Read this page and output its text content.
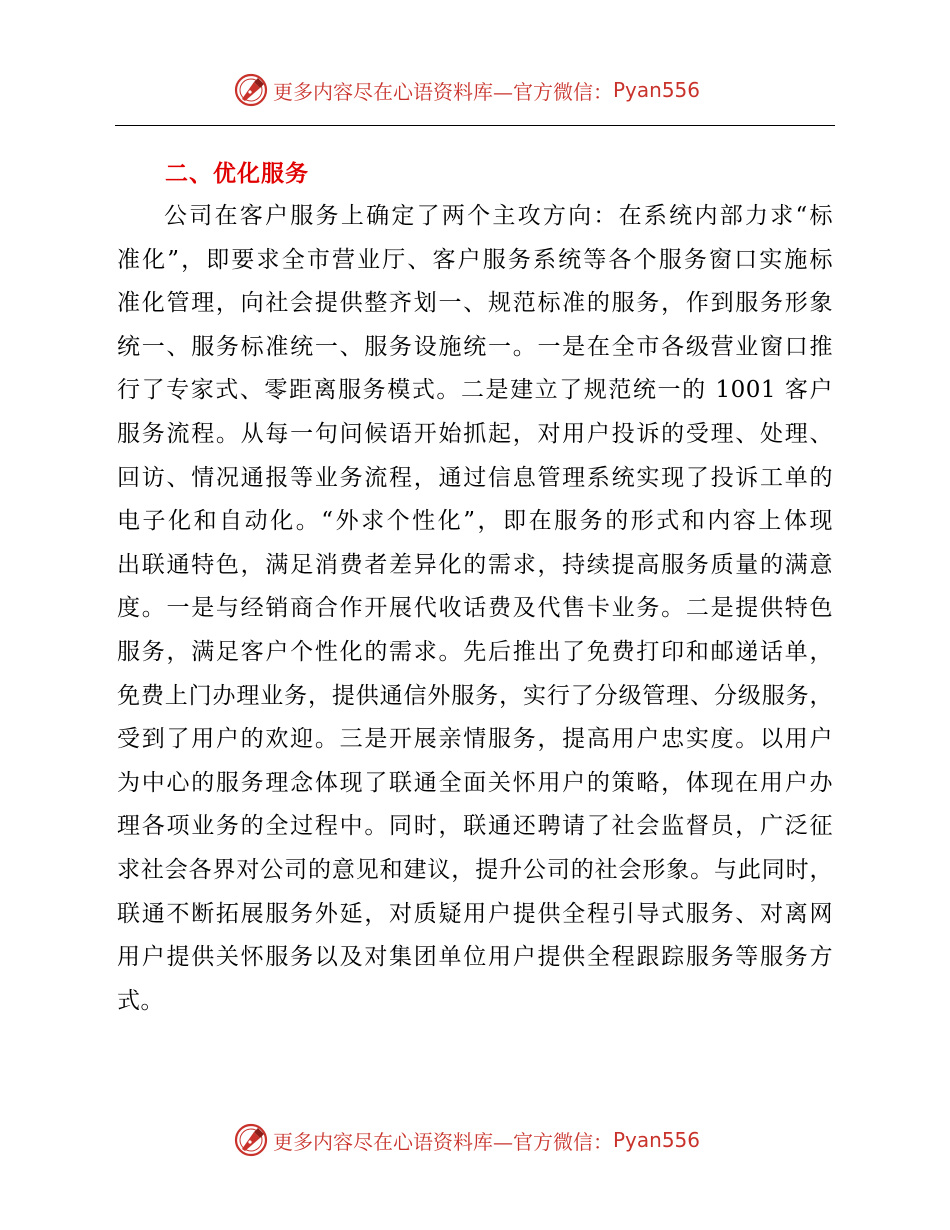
更多内容尽在心语资料库—官方微信： Pyan556
二、优化服务
公司在客户服务上确定了两个主攻方向：在系统内部力求“标
准化”，即要求全市营业厅、客户服务系统等各个服务窗口实施标
准化管理，向社会提供整齐划一、规范标准的服务，作到服务形象
统一、服务标准统一、服务设施统一。一是在全市各级营业窗口推
行了专家式、零距离服务模式。二是建立了规范统一的 1001 客户
服务流程。从每一句问候语开始抓起，对用户投诉的受理、处理、
回访、情况通报等业务流程，通过信息管理系统实现了投诉工单的
电子化和自动化。“外求个性化”，即在服务的形式和内容上体现
出联通特色，满足消费者差异化的需求，持续提高服务质量的满意
度。一是与经销商合作开展代收话费及代售卡业务。二是提供特色
服务，满足客户个性化的需求。先后推出了免费打印和邮递话单，
免费上门办理业务，提供通信外服务，实行了分级管理、分级服务，
受到了用户的欢迎。三是开展亲情服务，提高用户忠实度。以用户
为中心的服务理念体现了联通全面关怀用户的策略，体现在用户办
理各项业务的全过程中。同时，联通还聘请了社会监督员，广泛征
求社会各界对公司的意见和建议，提升公司的社会形象。与此同时，
联通不断拓展服务外延，对质疑用户提供全程引导式服务、对离网
用户提供关怀服务以及对集团单位用户提供全程跟踪服务等服务方
式。
更多内容尽在心语资料库—官方微信： Pyan556
